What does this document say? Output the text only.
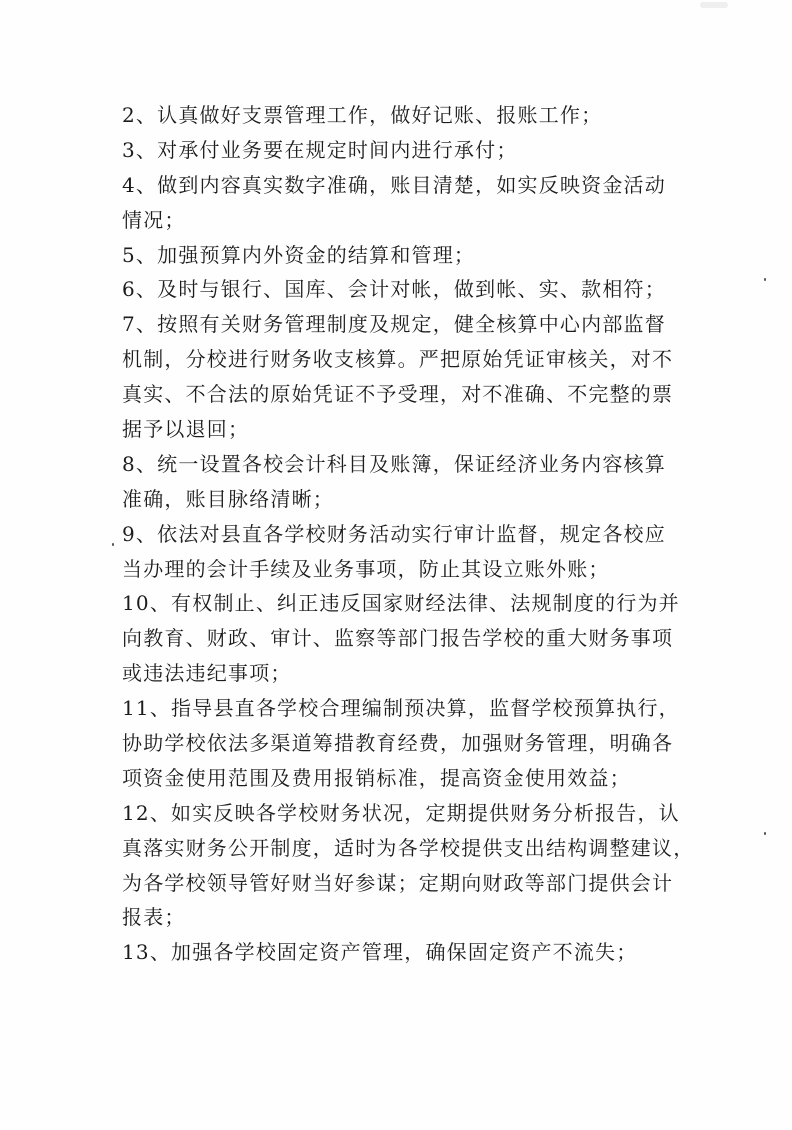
2、认真做好支票管理工作，做好记账、报账工作；
3、对承付业务要在规定时间内进行承付；
4、做到内容真实数字准确，账目清楚，如实反映资金活动
情况；
5、加强预算内外资金的结算和管理；
6、及时与银行、国库、会计对帐，做到帐、实、款相符；
7、按照有关财务管理制度及规定，健全核算中心内部监督
机制，分校进行财务收支核算。严把原始凭证审核关，对不
真实、不合法的原始凭证不予受理，对不准确、不完整的票
据予以退回；
8、统一设置各校会计科目及账簿，保证经济业务内容核算
准确，账目脉络清晰；
9、依法对县直各学校财务活动实行审计监督，规定各校应
当办理的会计手续及业务事项，防止其设立账外账；
10、有权制止、纠正违反国家财经法律、法规制度的行为并
向教育、财政、审计、监察等部门报告学校的重大财务事项
或违法违纪事项；
11、指导县直各学校合理编制预决算，监督学校预算执行，
协助学校依法多渠道筹措教育经费，加强财务管理，明确各
项资金使用范围及费用报销标准，提高资金使用效益；
12、如实反映各学校财务状况，定期提供财务分析报告，认
真落实财务公开制度，适时为各学校提供支出结构调整建议，
为各学校领导管好财当好参谋；定期向财政等部门提供会计
报表；
13、加强各学校固定资产管理，确保固定资产不流失；
